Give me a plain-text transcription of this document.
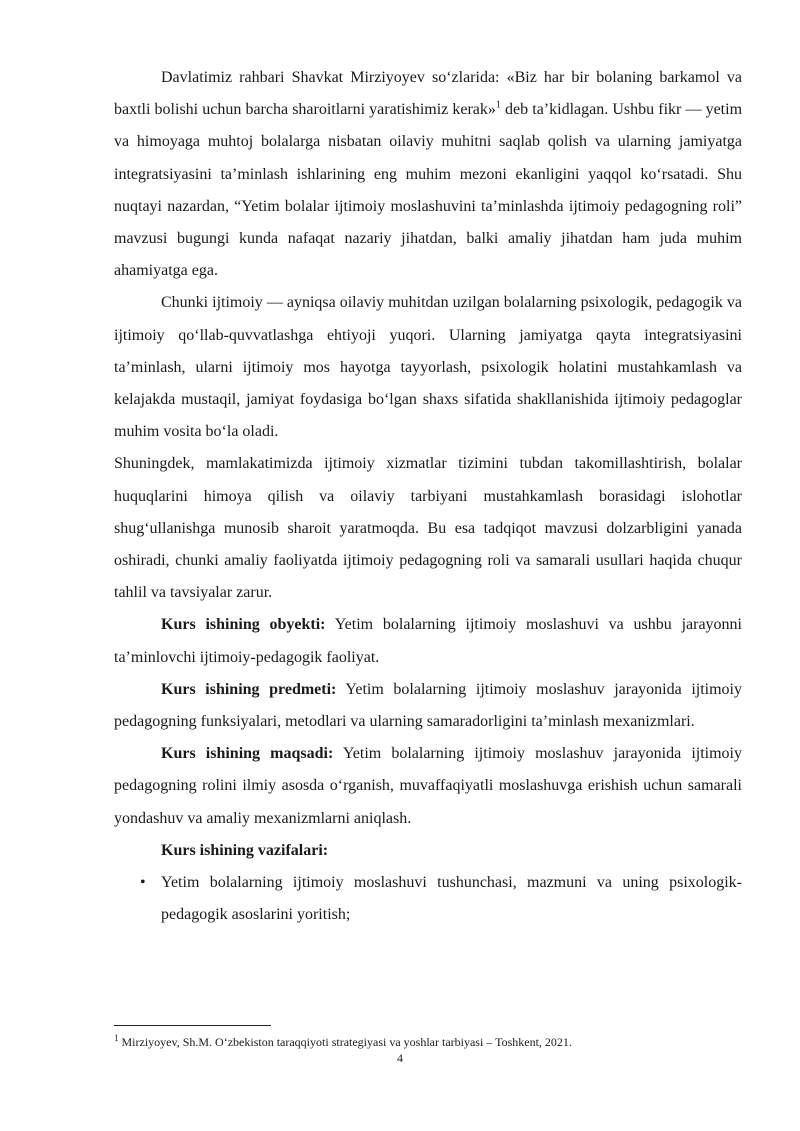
Davlatimiz rahbari Shavkat Mirziyoyev so‘zlarida: «Biz har bir bolaning barkamol va baxtli bolishi uchun barcha sharoitlarni yaratishimiz kerak»$^1$ deb ta’kidlagan. Ushbu fikr — yetim va himoyaga muhtoj bolalarga nisbatan oilaviy muhitni saqlab qolish va ularning jamiyatga integratsiyasini ta’minlash ishlarining eng muhim mezoni ekanligini yaqqol ko‘rsatadi. Shu nuqtayi nazardan, “Yetim bolalar ijtimoiy moslashuvini ta’minlashda ijtimoiy pedagogning roli” mavzusi bugungi kunda nafaqat nazariy jihatdan, balki amaliy jihatdan ham juda muhim ahamiyatga ega.

Chunki ijtimoiy — ayniqsa oilaviy muhitdan uzilgan bolalarning psixologik, pedagogik va ijtimoiy qo‘llab-quvvatlashga ehtiyoji yuqori. Ularning jamiyatga qayta integratsiyasini ta’minlash, ularni ijtimoiy mos hayotga tayyorlash, psixologik holatini mustahkamlash va kelajakda mustaqil, jamiyat foydasiga bo‘lgan shaxs sifatida shakllanishida ijtimoiy pedagoglar muhim vosita bo‘la oladi.

Shuningdek, mamlakatimizda ijtimoiy xizmatlar tizimini tubdan takomillashtirish, bolalar huquqlarini himoya qilish va oilaviy tarbiyani mustahkamlash borasidagi islohotlar shug‘ullanishga munosib sharoit yaratmoqda. Bu esa tadqiqot mavzusi dolzarbligini yanada oshiradi, chunki amaliy faoliyatda ijtimoiy pedagogning roli va samarali usullari haqida chuqur tahlil va tavsiyalar zarur.

Kurs ishining obyekti: Yetim bolalarning ijtimoiy moslashuvi va ushbu jarayonni ta’minlovchi ijtimoiy-pedagogik faoliyat.

Kurs ishining predmeti: Yetim bolalarning ijtimoiy moslashuv jarayonida ijtimoiy pedagogning funksiyalari, metodlari va ularning samaradorligini ta’minlash mexanizmlari.

Kurs ishining maqsadi: Yetim bolalarning ijtimoiy moslashuv jarayonida ijtimoiy pedagogning rolini ilmiy asosda o‘rganish, muvaffaqiyatli moslashuvga erishish uchun samarali yondashuv va amaliy mexanizmlarni aniqlash.

Kurs ishining vazifalari:

• Yetim bolalarning ijtimoiy moslashuvi tushunchasi, mazmuni va uning psixologik-pedagogik asoslarini yoritish;
$^1$ Mirziyoyev, Sh.M. O‘zbekiston taraqqiyoti strategiyasi va yoshlar tarbiyasi – Toshkent, 2021.
4
